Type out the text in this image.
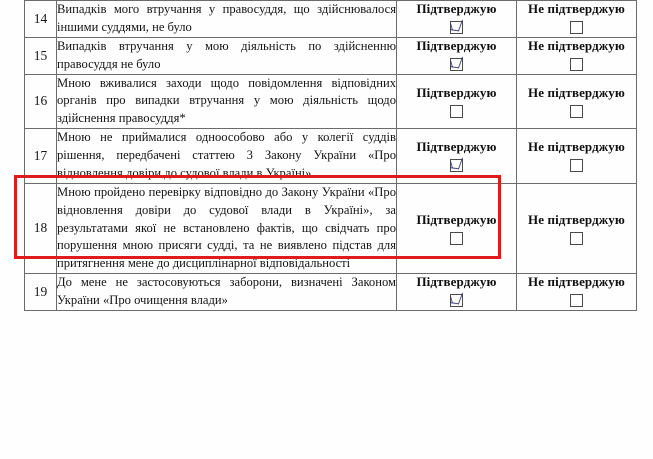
14	Випадків мого втручання у правосуддя, що здійснювалося іншими суддями, не було	Підтверджую	Не підтверджую

15	Випадків втручання у мою діяльність по здійсненню правосуддя не було	Підтверджую	Не підтверджую

16	Мною вживалися заходи щодо повідомлення відповідних органів про випадки втручання у мою діяльність щодо здійснення правосуддя*	Підтверджую	Не підтверджую

17	Мною не приймалися одноособово або у колегії суддів рішення, передбачені статтею 3 Закону України «Про відновлення довіри до судової влади в Україні»	Підтверджую	Не підтверджую

18	Мною пройдено перевірку відповідно до Закону України «Про відновлення довіри до судової влади в Україні», за результатами якої не встановлено фактів, що свідчать про порушення мною присяги судді, та не виявлено підстав для притягнення мене до дисциплінарної відповідальності	Підтверджую	Не підтверджую

19	До мене не застосовуються заборони, визначені Законом України «Про очищення влади»	Підтверджую	Не підтверджую
